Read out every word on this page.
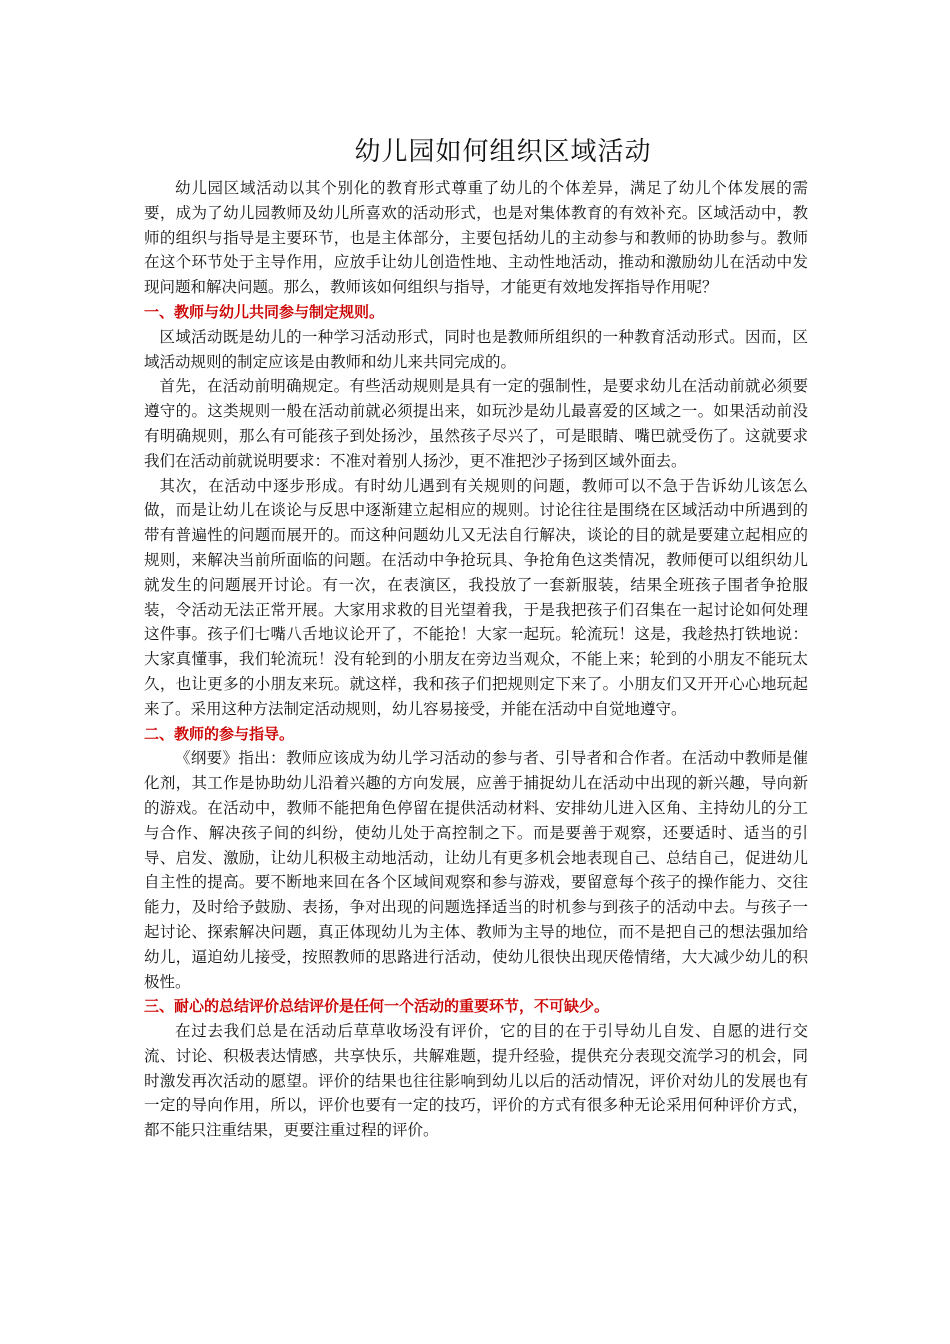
幼儿园如何组织区域活动

幼儿园区域活动以其个别化的教育形式尊重了幼儿的个体差异，满足了幼儿个体发展的需要，成为了幼儿园教师及幼儿所喜欢的活动形式，也是对集体教育的有效补充。区域活动中，教师的组织与指导是主要环节，也是主体部分，主要包括幼儿的主动参与和教师的协助参与。教师在这个环节处于主导作用，应放手让幼儿创造性地、主动性地活动，推动和激励幼儿在活动中发现问题和解决问题。那么，教师该如何组织与指导，才能更有效地发挥指导作用呢？

一、教师与幼儿共同参与制定规则。

区域活动既是幼儿的一种学习活动形式，同时也是教师所组织的一种教育活动形式。因而，区域活动规则的制定应该是由教师和幼儿来共同完成的。

首先，在活动前明确规定。有些活动规则是具有一定的强制性，是要求幼儿在活动前就必须要遵守的。这类规则一般在活动前就必须提出来，如玩沙是幼儿最喜爱的区域之一。如果活动前没有明确规则，那么有可能孩子到处扬沙，虽然孩子尽兴了，可是眼睛、嘴巴就受伤了。这就要求我们在活动前就说明要求：不准对着别人扬沙，更不准把沙子扬到区域外面去。

其次，在活动中逐步形成。有时幼儿遇到有关规则的问题，教师可以不急于告诉幼儿该怎么做，而是让幼儿在谈论与反思中逐渐建立起相应的规则。讨论往往是围绕在区域活动中所遇到的带有普遍性的问题而展开的。而这种问题幼儿又无法自行解决，谈论的目的就是要建立起相应的规则，来解决当前所面临的问题。在活动中争抢玩具、争抢角色这类情况，教师便可以组织幼儿就发生的问题展开讨论。有一次，在表演区，我投放了一套新服装，结果全班孩子围者争抢服装，令活动无法正常开展。大家用求救的目光望着我，于是我把孩子们召集在一起讨论如何处理这件事。孩子们七嘴八舌地议论开了，不能抢！大家一起玩。轮流玩！这是，我趁热打铁地说：大家真懂事，我们轮流玩！没有轮到的小朋友在旁边当观众，不能上来；轮到的小朋友不能玩太久，也让更多的小朋友来玩。就这样，我和孩子们把规则定下来了。小朋友们又开开心心地玩起来了。采用这种方法制定活动规则，幼儿容易接受，并能在活动中自觉地遵守。

二、教师的参与指导。

《纲要》指出：教师应该成为幼儿学习活动的参与者、引导者和合作者。在活动中教师是催化剂，其工作是协助幼儿沿着兴趣的方向发展，应善于捕捉幼儿在活动中出现的新兴趣，导向新的游戏。在活动中，教师不能把角色停留在提供活动材料、安排幼儿进入区角、主持幼儿的分工与合作、解决孩子间的纠纷，使幼儿处于高控制之下。而是要善于观察，还要适时、适当的引导、启发、激励，让幼儿积极主动地活动，让幼儿有更多机会地表现自己、总结自己，促进幼儿自主性的提高。要不断地来回在各个区域间观察和参与游戏，要留意每个孩子的操作能力、交往能力，及时给予鼓励、表扬，争对出现的问题选择适当的时机参与到孩子的活动中去。与孩子一起讨论、探索解决问题，真正体现幼儿为主体、教师为主导的地位，而不是把自己的想法强加给幼儿，逼迫幼儿接受，按照教师的思路进行活动，使幼儿很快出现厌倦情绪，大大减少幼儿的积极性。

三、耐心的总结评价总结评价是任何一个活动的重要环节，不可缺少。

在过去我们总是在活动后草草收场没有评价，它的目的在于引导幼儿自发、自愿的进行交流、讨论、积极表达情感，共享快乐，共解难题，提升经验，提供充分表现交流学习的机会，同时激发再次活动的愿望。评价的结果也往往影响到幼儿以后的活动情况，评价对幼儿的发展也有一定的导向作用，所以，评价也要有一定的技巧，评价的方式有很多种无论采用何种评价方式，都不能只注重结果，更要注重过程的评价。
